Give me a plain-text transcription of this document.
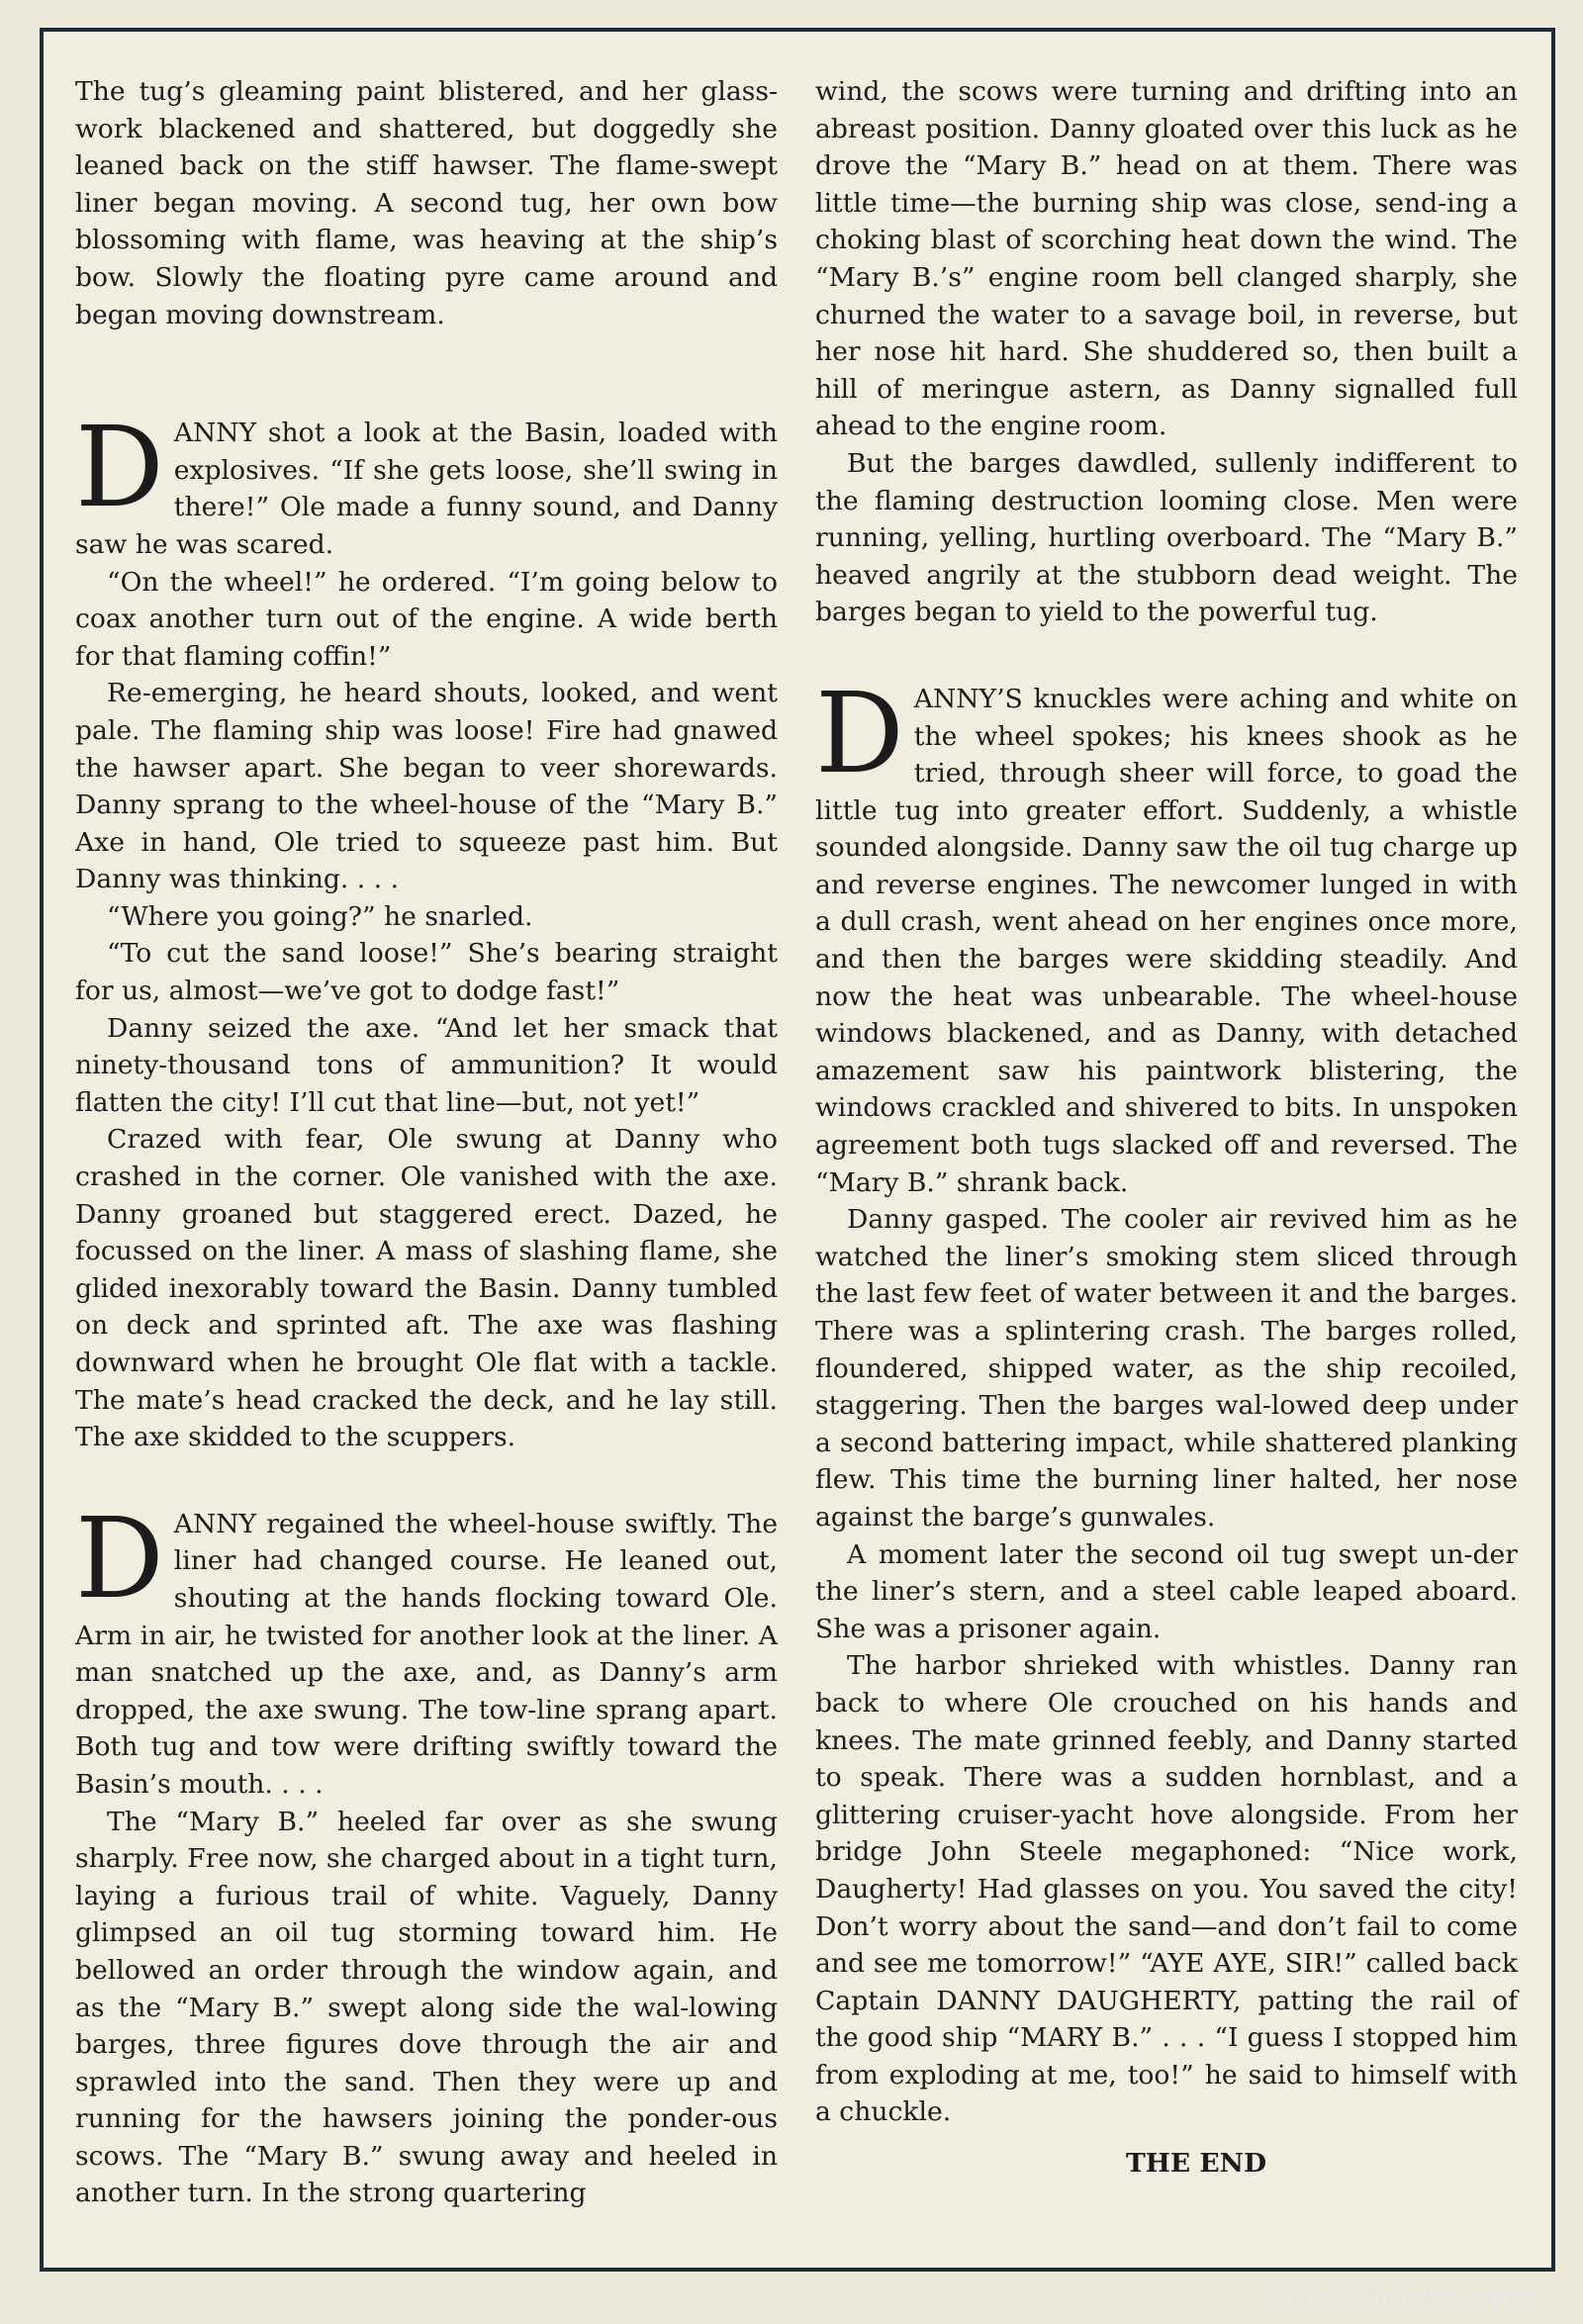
The tug’s gleaming paint blistered, and her glass-work blackened and shattered, but doggedly she leaned back on the stiff hawser. The flame-swept liner began moving. A second tug, her own bow blossoming with flame, was heaving at the ship’s bow. Slowly the floating pyre came around and began moving downstream.

DANNY shot a look at the Basin, loaded with explosives. “If she gets loose, she’ll swing in there!” Ole made a funny sound, and Danny saw he was scared.

“On the wheel!” he ordered. “I’m going below to coax another turn out of the engine. A wide berth for that flaming coffin!”

Re-emerging, he heard shouts, looked, and went pale. The flaming ship was loose! Fire had gnawed the hawser apart. She began to veer shorewards. Danny sprang to the wheel-house of the “Mary B.” Axe in hand, Ole tried to squeeze past him. But Danny was thinking. . . .

“Where you going?” he snarled.

“To cut the sand loose!” She’s bearing straight for us, almost—we’ve got to dodge fast!”

Danny seized the axe. “And let her smack that ninety-thousand tons of ammunition? It would flatten the city! I’ll cut that line—but, not yet!”

Crazed with fear, Ole swung at Danny who crashed in the corner. Ole vanished with the axe. Danny groaned but staggered erect. Dazed, he focussed on the liner. A mass of slashing flame, she glided inexorably toward the Basin. Danny tumbled on deck and sprinted aft. The axe was flashing downward when he brought Ole flat with a tackle. The mate’s head cracked the deck, and he lay still. The axe skidded to the scuppers.

DANNY regained the wheel-house swiftly. The liner had changed course. He leaned out, shouting at the hands flocking toward Ole. Arm in air, he twisted for another look at the liner. A man snatched up the axe, and, as Danny’s arm dropped, the axe swung. The tow-line sprang apart. Both tug and tow were drifting swiftly toward the Basin’s mouth. . . .

The “Mary B.” heeled far over as she swung sharply. Free now, she charged about in a tight turn, laying a furious trail of white. Vaguely, Danny glimpsed an oil tug storming toward him. He bellowed an order through the window again, and as the “Mary B.” swept along side the wal-lowing barges, three figures dove through the air and sprawled into the sand. Then they were up and running for the hawsers joining the ponder-ous scows. The “Mary B.” swung away and heeled in another turn. In the strong quartering

wind, the scows were turning and drifting into an abreast position. Danny gloated over this luck as he drove the “Mary B.” head on at them. There was little time—the burning ship was close, send-ing a choking blast of scorching heat down the wind. The “Mary B.’s” engine room bell clanged sharply, she churned the water to a savage boil, in reverse, but her nose hit hard. She shuddered so, then built a hill of meringue astern, as Danny signalled full ahead to the engine room.

But the barges dawdled, sullenly indifferent to the flaming destruction looming close. Men were running, yelling, hurtling overboard. The “Mary B.” heaved angrily at the stubborn dead weight. The barges began to yield to the powerful tug.

DANNY’S knuckles were aching and white on the wheel spokes; his knees shook as he tried, through sheer will force, to goad the little tug into greater effort. Suddenly, a whistle sounded alongside. Danny saw the oil tug charge up and reverse engines. The newcomer lunged in with a dull crash, went ahead on her engines once more, and then the barges were skidding steadily. And now the heat was unbearable. The wheel-house windows blackened, and as Danny, with detached amazement saw his paintwork blistering, the windows crackled and shivered to bits. In unspoken agreement both tugs slacked off and reversed. The “Mary B.” shrank back.

Danny gasped. The cooler air revived him as he watched the liner’s smoking stem sliced through the last few feet of water between it and the barges. There was a splintering crash. The barges rolled, floundered, shipped water, as the ship recoiled, staggering. Then the barges wal-lowed deep under a second battering impact, while shattered planking flew. This time the burning liner halted, her nose against the barge’s gunwales.

A moment later the second oil tug swept un-der the liner’s stern, and a steel cable leaped aboard. She was a prisoner again.

The harbor shrieked with whistles. Danny ran back to where Ole crouched on his hands and knees. The mate grinned feebly, and Danny started to speak. There was a sudden hornblast, and a glittering cruiser-yacht hove alongside. From her bridge John Steele megaphoned: “Nice work, Daugherty! Had glasses on you. You saved the city! Don’t worry about the sand—and don’t fail to come and see me tomorrow!” “AYE AYE, SIR!” called back Captain DANNY DAUGHERTY, patting the rail of the good ship “MARY B.” . . . “I guess I stopped him from exploding at me, too!” he said to himself with a chuckle.

THE END
comicbooks.com
